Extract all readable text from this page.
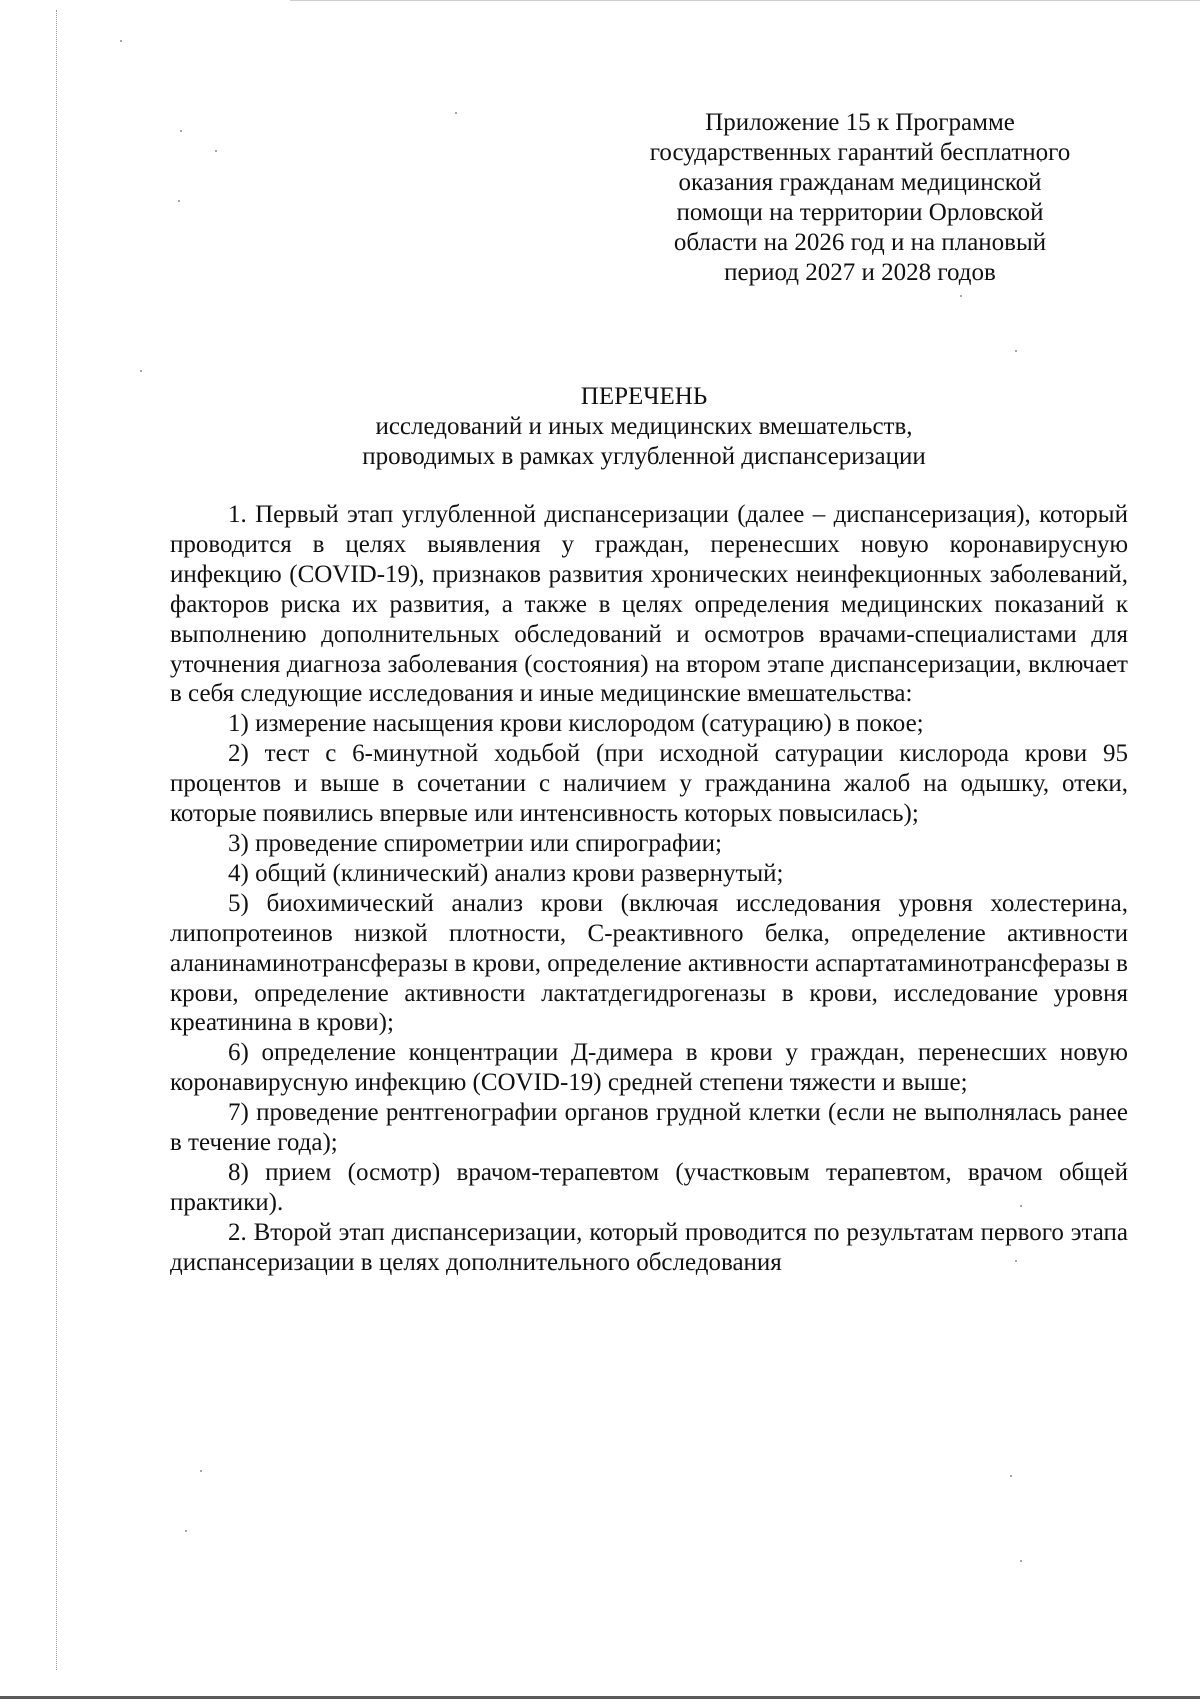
Приложение 15 к Программе
государственных гарантий бесплатного
оказания гражданам медицинской
помощи на территории Орловской
области на 2026 год и на плановый
период 2027 и 2028 годов
ПЕРЕЧЕНЬ
исследований и иных медицинских вмешательств,
проводимых в рамках углубленной диспансеризации

1. Первый этап углубленной диспансеризации (далее – диспансеризация), который проводится в целях выявления у граждан, перенесших новую коронавирусную инфекцию (COVID-19), признаков развития хронических неинфекционных заболеваний, факторов риска их развития, а также в целях определения медицинских показаний к выполнению дополнительных обследований и осмотров врачами-специалистами для уточнения диагноза заболевания (состояния) на втором этапе диспансеризации, включает в себя следующие исследования и иные медицинские вмешательства:

1) измерение насыщения крови кислородом (сатурацию) в покое;

2) тест с 6-минутной ходьбой (при исходной сатурации кислорода крови 95 процентов и выше в сочетании с наличием у гражданина жалоб на одышку, отеки, которые появились впервые или интенсивность которых повысилась);

3) проведение спирометрии или спирографии;

4) общий (клинический) анализ крови развернутый;

5) биохимический анализ крови (включая исследования уровня холестерина, липопротеинов низкой плотности, С-реактивного белка, определение активности аланинаминотрансферазы в крови, определение активности аспартатаминотрансферазы в крови, определение активности лактатдегидрогеназы в крови, исследование уровня креатинина в крови);

6) определение концентрации Д-димера в крови у граждан, перенесших новую коронавирусную инфекцию (COVID-19) средней степени тяжести и выше;

7) проведение рентгенографии органов грудной клетки (если не выполнялась ранее в течение года);

8) прием (осмотр) врачом-терапевтом (участковым терапевтом, врачом общей практики).

2. Второй этап диспансеризации, который проводится по результатам первого этапа диспансеризации в целях дополнительного обследования
